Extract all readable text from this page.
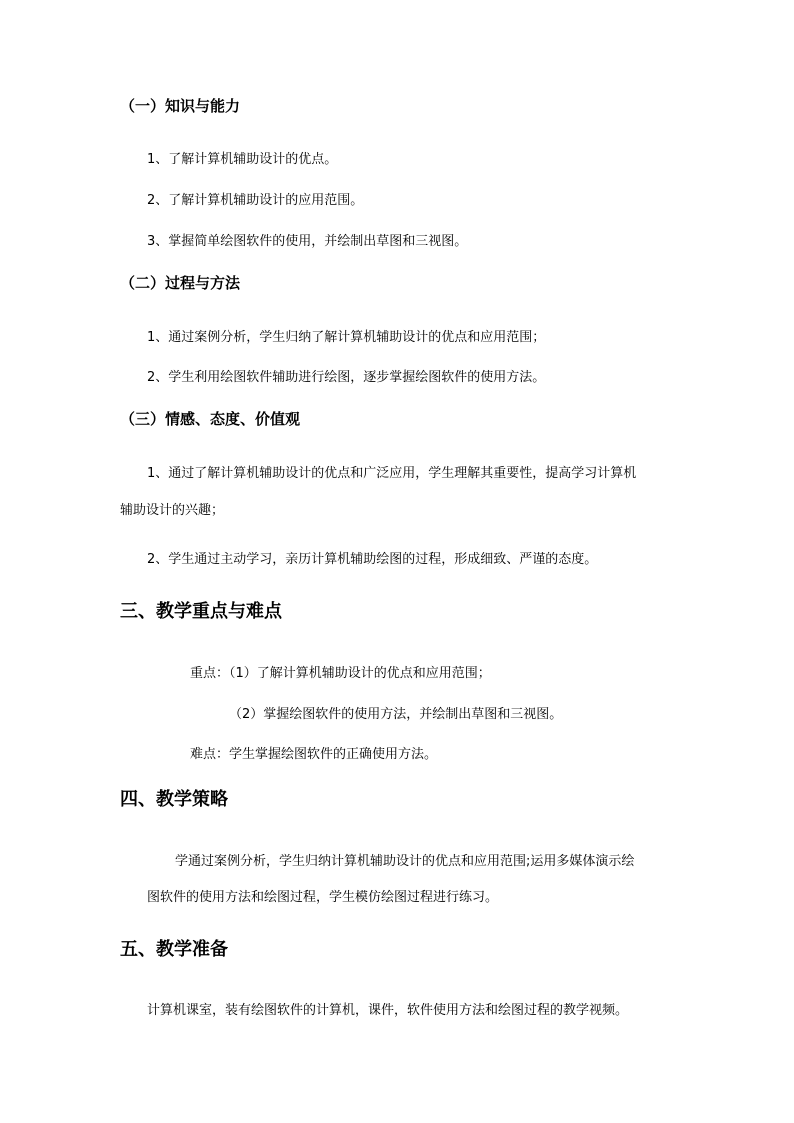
（一）知识与能力
1、了解计算机辅助设计的优点。
2、了解计算机辅助设计的应用范围。
3、掌握简单绘图软件的使用，并绘制出草图和三视图。
（二）过程与方法
1、通过案例分析，学生归纳了解计算机辅助设计的优点和应用范围；
2、学生利用绘图软件辅助进行绘图，逐步掌握绘图软件的使用方法。
（三）情感、态度、价值观
1、通过了解计算机辅助设计的优点和广泛应用，学生理解其重要性，提高学习计算机
辅助设计的兴趣；
2、学生通过主动学习，亲历计算机辅助绘图的过程，形成细致、严谨的态度。
三、教学重点与难点
重点：（1）了解计算机辅助设计的优点和应用范围；
（2）掌握绘图软件的使用方法，并绘制出草图和三视图。
难点：学生掌握绘图软件的正确使用方法。
四、教学策略
学通过案例分析，学生归纳计算机辅助设计的优点和应用范围;运用多媒体演示绘
图软件的使用方法和绘图过程，学生模仿绘图过程进行练习。
五、教学准备
计算机课室，装有绘图软件的计算机，课件，软件使用方法和绘图过程的教学视频。
